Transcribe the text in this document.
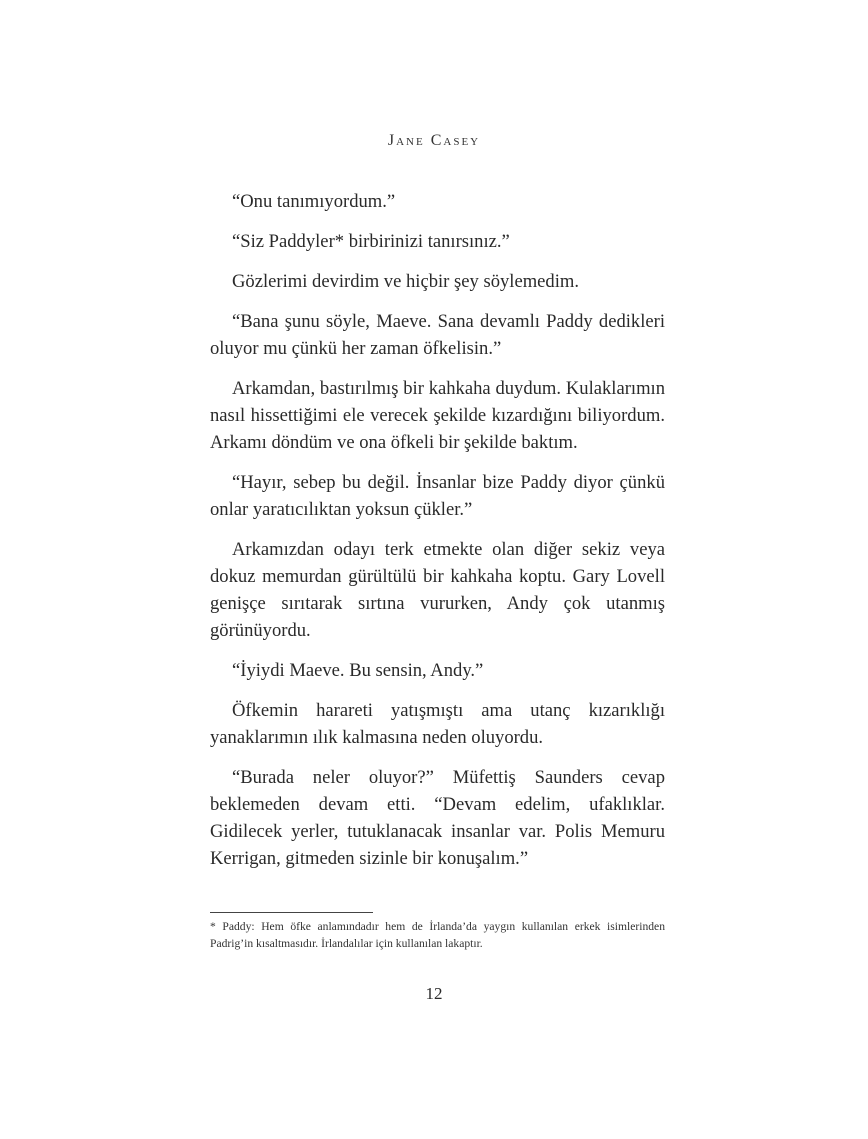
Jane Casey

“Onu tanımıyordum.”

“Siz Paddyler* birbirinizi tanırsınız.”

Gözlerimi devirdim ve hiçbir şey söylemedim.

“Bana şunu söyle, Maeve. Sana devamlı Paddy dedikleri oluyor mu çünkü her zaman öfkelisin.”

Arkamdan, bastırılmış bir kahkaha duydum. Kulaklarımın nasıl hissettiğimi ele verecek şekilde kızardığını biliyordum. Arkamı döndüm ve ona öfkeli bir şekilde baktım.

“Hayır, sebep bu değil. İnsanlar bize Paddy diyor çünkü onlar yaratıcılıktan yoksun çükler.”

Arkamızdan odayı terk etmekte olan diğer sekiz veya dokuz memurdan gürültülü bir kahkaha koptu. Gary Lovell genişçe sırıtarak sırtına vururken, Andy çok utanmış görünüyordu.

“İyiydi Maeve. Bu sensin, Andy.”

Öfkemin harareti yatışmıştı ama utanç kızarıklığı yanaklarımın ılık kalmasına neden oluyordu.

“Burada neler oluyor?” Müfettiş Saunders cevap beklemeden devam etti. “Devam edelim, ufaklıklar. Gidilecek yerler, tutuklanacak insanlar var. Polis Memuru Kerrigan, gitmeden sizinle bir konuşalım.”

* Paddy: Hem öfke anlamındadır hem de İrlanda’da yaygın kullanılan erkek isimlerinden Padrig’in kısaltmasıdır. İrlandalılar için kullanılan lakaptır.
12
